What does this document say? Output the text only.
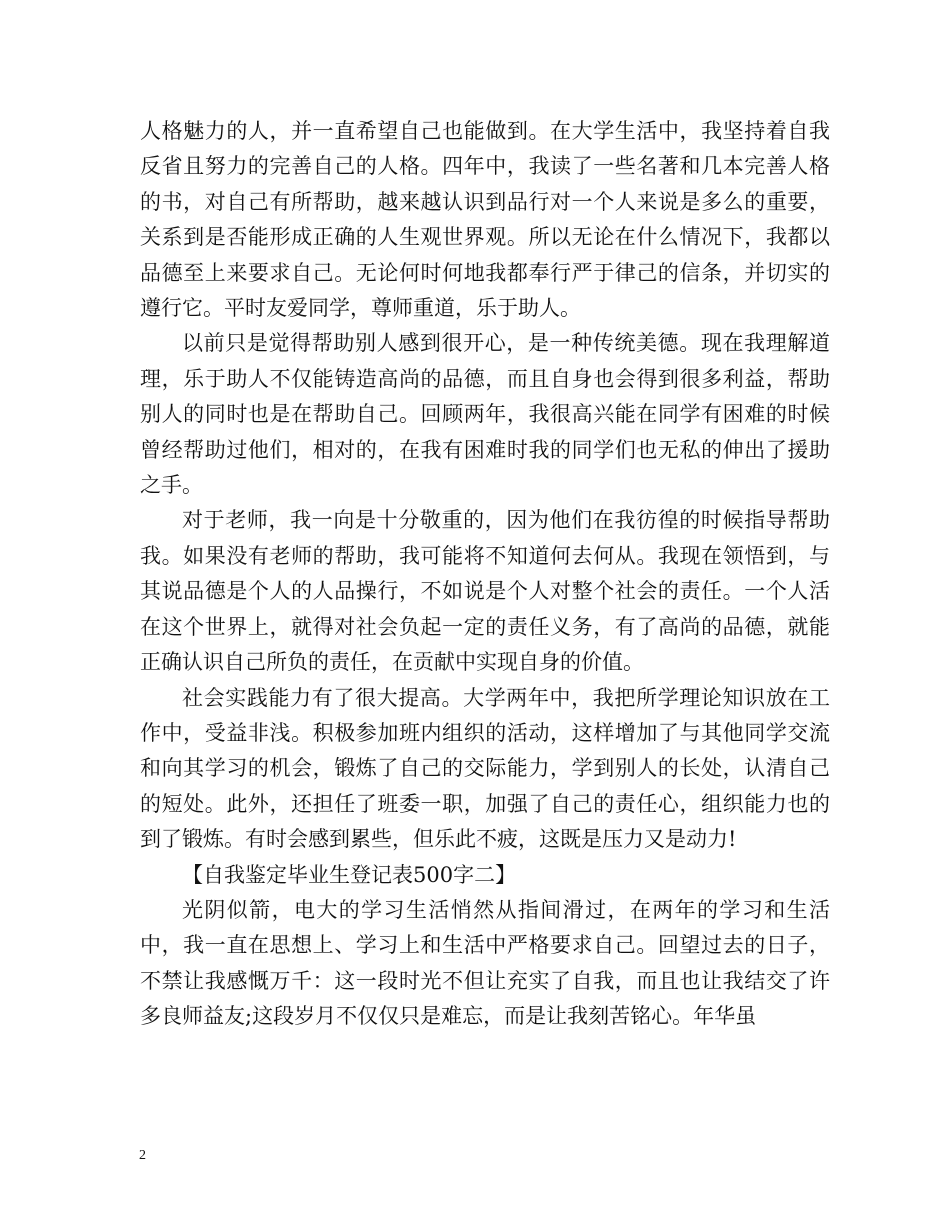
人格魅力的人，并一直希望自己也能做到。在大学生活中，我坚持着自我反省且努力的完善自己的人格。四年中，我读了一些名著和几本完善人格的书，对自己有所帮助，越来越认识到品行对一个人来说是多么的重要，关系到是否能形成正确的人生观世界观。所以无论在什么情况下，我都以品德至上来要求自己。无论何时何地我都奉行严于律己的信条，并切实的遵行它。平时友爱同学，尊师重道，乐于助人。

以前只是觉得帮助别人感到很开心，是一种传统美德。现在我理解道理，乐于助人不仅能铸造高尚的品德，而且自身也会得到很多利益，帮助别人的同时也是在帮助自己。回顾两年，我很高兴能在同学有困难的时候曾经帮助过他们，相对的，在我有困难时我的同学们也无私的伸出了援助之手。

对于老师，我一向是十分敬重的，因为他们在我彷徨的时候指导帮助我。如果没有老师的帮助，我可能将不知道何去何从。我现在领悟到，与其说品德是个人的人品操行，不如说是个人对整个社会的责任。一个人活在这个世界上，就得对社会负起一定的责任义务，有了高尚的品德，就能正确认识自己所负的责任，在贡献中实现自身的价值。

社会实践能力有了很大提高。大学两年中，我把所学理论知识放在工作中，受益非浅。积极参加班内组织的活动，这样增加了与其他同学交流和向其学习的机会，锻炼了自己的交际能力，学到别人的长处，认清自己的短处。此外，还担任了班委一职，加强了自己的责任心，组织能力也的到了锻炼。有时会感到累些，但乐此不疲，这既是压力又是动力!

【自我鉴定毕业生登记表500字二】

光阴似箭，电大的学习生活悄然从指间滑过，在两年的学习和生活中，我一直在思想上、学习上和生活中严格要求自己。回望过去的日子，不禁让我感慨万千：这一段时光不但让充实了自我，而且也让我结交了许多良师益友;这段岁月不仅仅只是难忘，而是让我刻苦铭心。年华虽

2
